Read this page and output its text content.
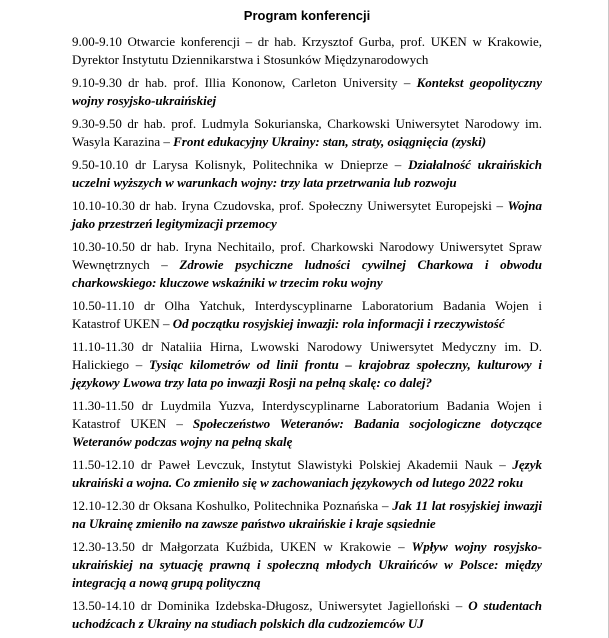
Program konferencji

9.00-9.10 Otwarcie konferencji – dr hab. Krzysztof Gurba, prof. UKEN w Krakowie, Dyrektor Instytutu Dziennikarstwa i Stosunków Międzynarodowych

9.10-9.30 dr hab. prof. Illia Kononow, Carleton University – Kontekst geopolityczny wojny rosyjsko-ukraińskiej

9.30-9.50 dr hab. prof. Ludmyla Sokurianska, Charkowski Uniwersytet Narodowy im. Wasyla Karazina – Front edukacyjny Ukrainy: stan, straty, osiągnięcia (zyski)

9.50-10.10 dr Larysa Kolisnyk, Politechnika w Dnieprze – Działalność ukraińskich uczelni wyższych w warunkach wojny: trzy lata przetrwania lub rozwoju

10.10-10.30 dr hab. Iryna Czudovska, prof. Społeczny Uniwersytet Europejski – Wojna jako przestrzeń legitymizacji przemocy

10.30-10.50 dr hab. Iryna Nechitailo, prof. Charkowski Narodowy Uniwersytet Spraw Wewnętrznych – Zdrowie psychiczne ludności cywilnej Charkowa i obwodu charkowskiego: kluczowe wskaźniki w trzecim roku wojny

10.50-11.10 dr Olha Yatchuk, Interdyscyplinarne Laboratorium Badania Wojen i Katastrof UKEN – Od początku rosyjskiej inwazji: rola informacji i rzeczywistość

11.10-11.30 dr Nataliia Hirna, Lwowski Narodowy Uniwersytet Medyczny im. D. Halickiego – Tysiąc kilometrów od linii frontu – krajobraz społeczny, kulturowy i językowy Lwowa trzy lata po inwazji Rosji na pełną skalę: co dalej?

11.30-11.50 dr Luydmila Yuzva, Interdyscyplinarne Laboratorium Badania Wojen i Katastrof UKEN – Społeczeństwo Weteranów: Badania socjologiczne dotyczące Weteranów podczas wojny na pełną skalę

11.50-12.10 dr Paweł Levczuk, Instytut Slawistyki Polskiej Akademii Nauk – Język ukraiński a wojna. Co zmieniło się w zachowaniach językowych od lutego 2022 roku

12.10-12.30 dr Oksana Koshulko, Politechnika Poznańska – Jak 11 lat rosyjskiej inwazji na Ukrainę zmieniło na zawsze państwo ukraińskie i kraje sąsiednie

12.30-13.50 dr Małgorzata Kuźbida, UKEN w Krakowie – Wpływ wojny rosyjsko-ukraińskiej na sytuację prawną i społeczną młodych Ukraińców w Polsce: między integracją a nową grupą polityczną

13.50-14.10 dr Dominika Izdebska-Długosz, Uniwersytet Jagielloński – O studentach uchodźcach z Ukrainy na studiach polskich dla cudzoziemców UJ
